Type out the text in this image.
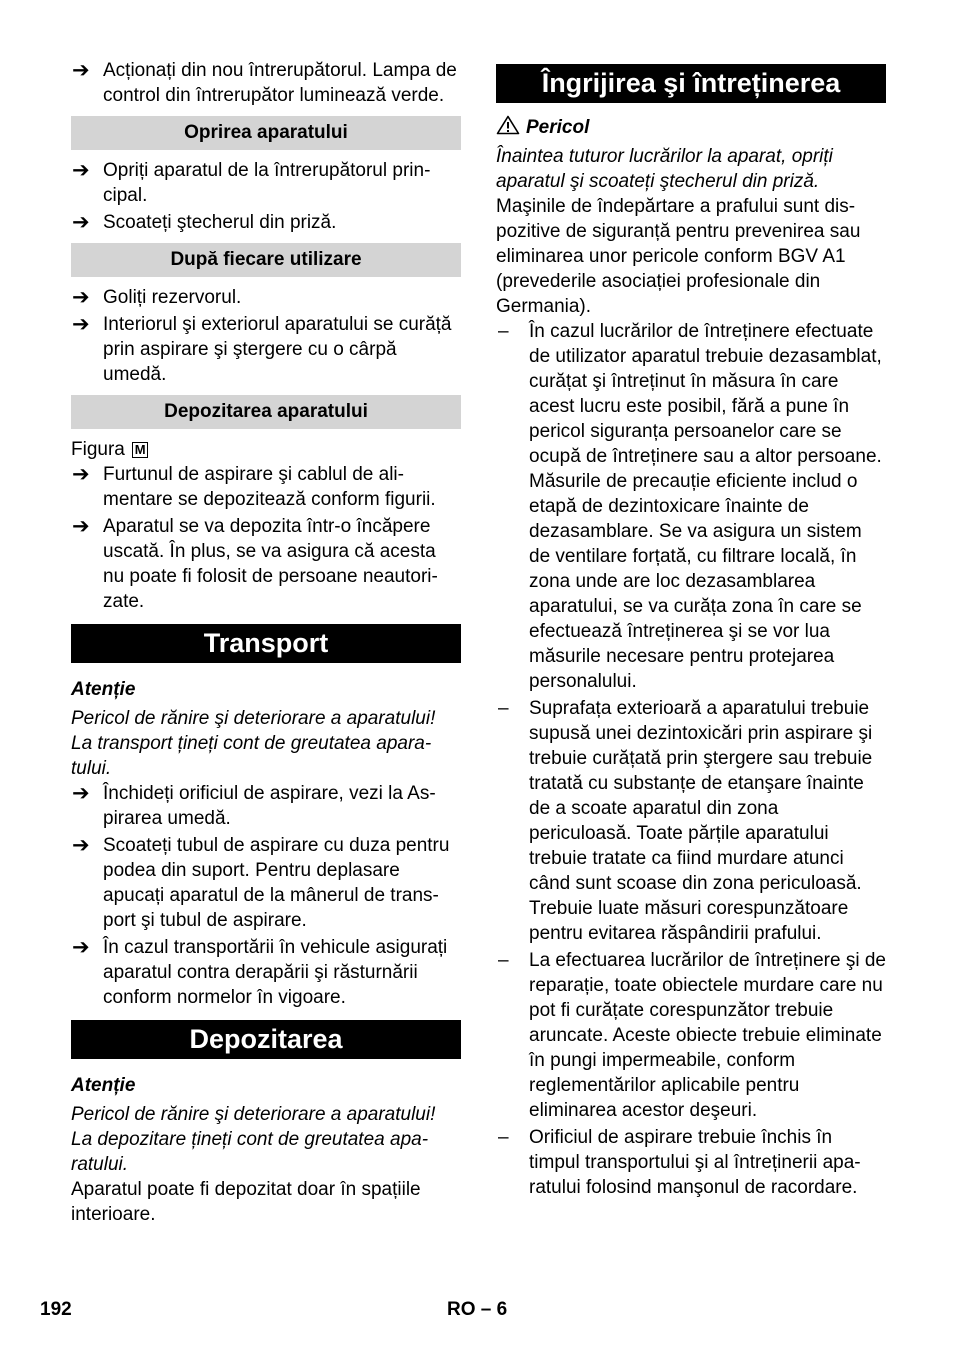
➔ Acționați din nou întrerupătorul. Lampa de control din întrerupător luminează verde.
Oprirea aparatului
➔ Opriți aparatul de la întrerupătorul principal.
➔ Scoateți ştecherul din priză.
După fiecare utilizare
➔ Goliți rezervorul.
➔ Interiorul şi exteriorul aparatului se curăță prin aspirare şi ştergere cu o cârpă umedă.
Depozitarea aparatului

Figura M

➔ Furtunul de aspirare şi cablul de alimentare se depozitează conform figurii.
➔ Aparatul se va depozita într-o încăpere uscată. În plus, se va asigura că acesta nu poate fi folosit de persoane neautorizate.
Transport

Atenție

Pericol de rănire şi deteriorare a aparatului! La transport țineți cont de greutatea aparatului.

➔ Închideți orificiul de aspirare, vezi la Aspirarea umedă.
➔ Scoateți tubul de aspirare cu duza pentru podea din suport. Pentru deplasare apucați aparatul de la mânerul de transport şi tubul de aspirare.
➔ În cazul transportării în vehicule asigurați aparatul contra derapării şi răsturnării conform normelor în vigoare.
Depozitarea

Atenție

Pericol de rănire şi deteriorare a aparatului! La depozitare țineți cont de greutatea aparatului.

Aparatul poate fi depozitat doar în spațiile interioare.

Îngrijirea şi întreținerea

Pericol

Înaintea tuturor lucrărilor la aparat, opriți aparatul şi scoateți ştecherul din priză.

Maşinile de îndepărtare a prafului sunt dispozitive de siguranță pentru prevenirea sau eliminarea unor pericole conform BGV A1 (prevederile asociației profesionale din Germania).

– În cazul lucrărilor de întreținere efectuate de utilizator aparatul trebuie dezasamblat, curățat şi întreținut în măsura în care acest lucru este posibil, fără a pune în pericol siguranța persoanelor care se ocupă de întreținere sau a altor persoane. Măsurile de precauție eficiente includ o etapă de dezintoxicare înainte de dezasamblare. Se va asigura un sistem de ventilare forțată, cu filtrare locală, în zona unde are loc dezasamblarea aparatului, se va curăța zona în care se efectuează întreținerea şi se vor lua măsurile necesare pentru protejarea personalului.
– Suprafața exterioară a aparatului trebuie supusă unei dezintoxicări prin aspirare şi trebuie curățată prin ştergere sau trebuie tratată cu substanțe de etanşare înainte de a scoate aparatul din zona periculoasă. Toate părțile aparatului trebuie tratate ca fiind murdare atunci când sunt scoase din zona periculoasă. Trebuie luate măsuri corespunzătoare pentru evitarea răspândirii prafului.
– La efectuarea lucrărilor de întreținere şi de reparație, toate obiectele murdare care nu pot fi curățate corespunzător trebuie aruncate. Aceste obiecte trebuie eliminate în pungi impermeabile, conform reglementărilor aplicabile pentru eliminarea acestor deşeuri.
– Orificiul de aspirare trebuie închis în timpul transportului şi al întreținerii aparatului folosind manşonul de racordare.
192	RO – 6
